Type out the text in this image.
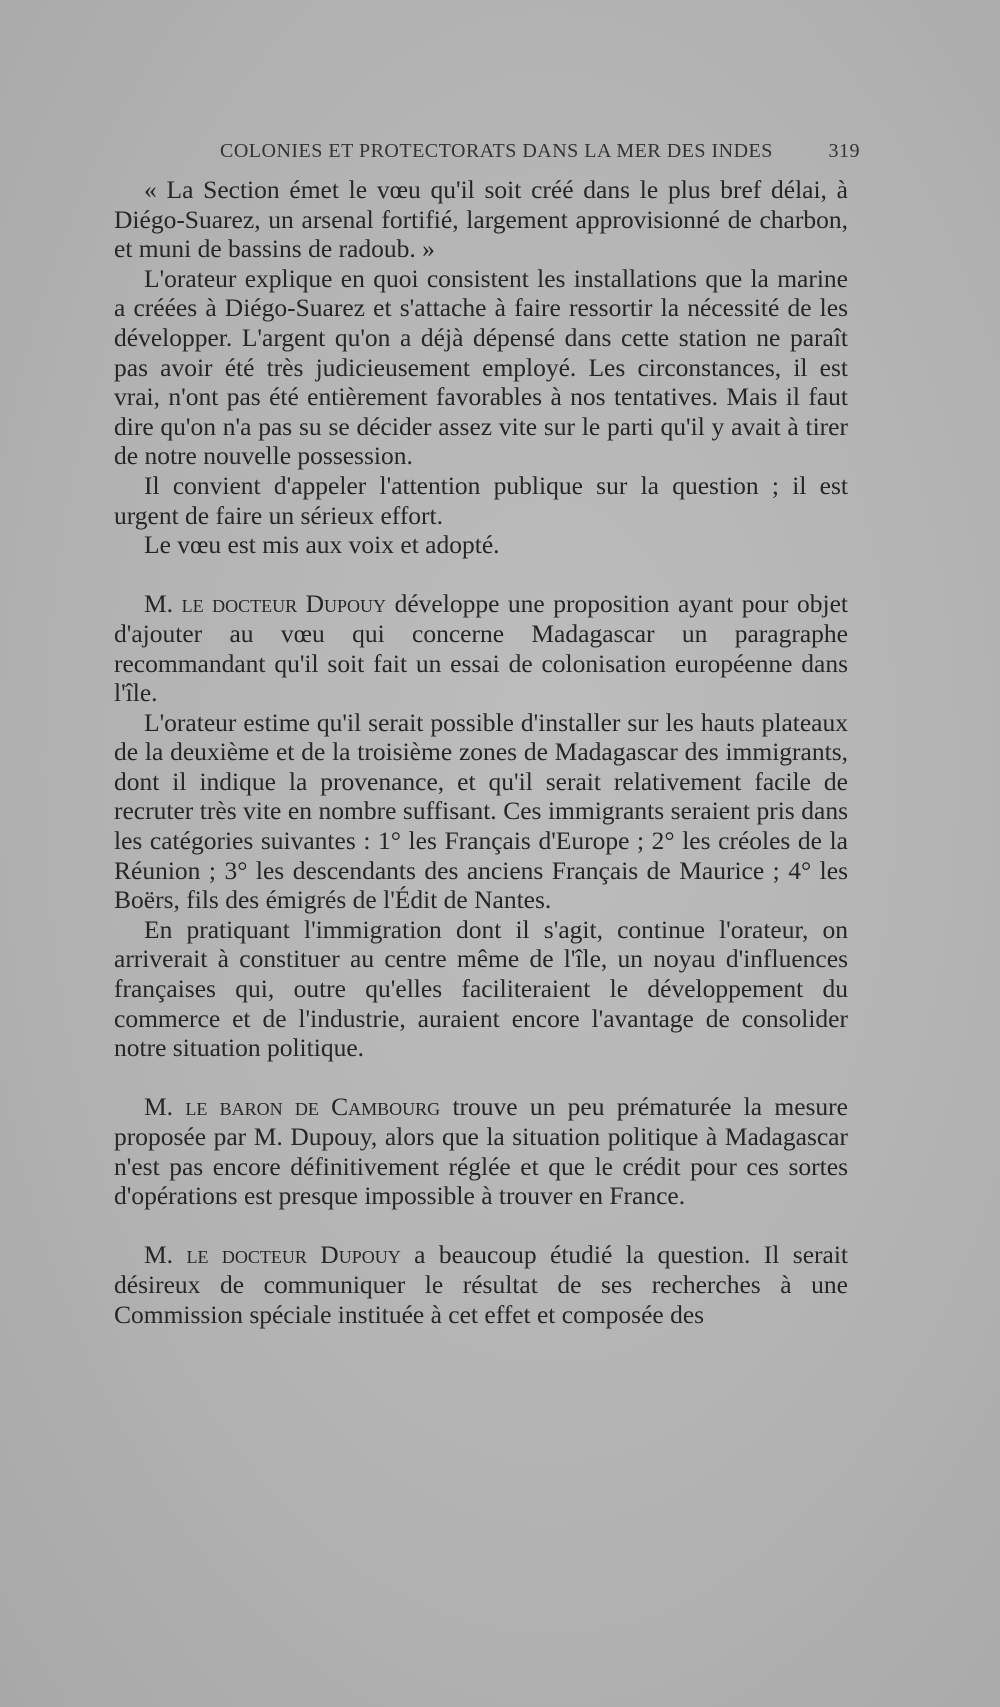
COLONIES ET PROTECTORATS DANS LA MER DES INDES	319

« La Section émet le vœu qu'il soit créé dans le plus bref délai, à Diégo-Suarez, un arsenal fortifié, largement approvisionné de charbon, et muni de bassins de radoub. »

L'orateur explique en quoi consistent les installations que la marine a créées à Diégo-Suarez et s'attache à faire ressortir la nécessité de les développer. L'argent qu'on a déjà dépensé dans cette station ne paraît pas avoir été très judicieusement employé. Les circonstances, il est vrai, n'ont pas été entièrement favorables à nos tentatives. Mais il faut dire qu'on n'a pas su se décider assez vite sur le parti qu'il y avait à tirer de notre nouvelle possession.

Il convient d'appeler l'attention publique sur la question ; il est urgent de faire un sérieux effort.

Le vœu est mis aux voix et adopté.

M. le docteur Dupouy développe une proposition ayant pour objet d'ajouter au vœu qui concerne Madagascar un paragraphe recommandant qu'il soit fait un essai de colonisation européenne dans l'île.

L'orateur estime qu'il serait possible d'installer sur les hauts plateaux de la deuxième et de la troisième zones de Madagascar des immigrants, dont il indique la provenance, et qu'il serait relativement facile de recruter très vite en nombre suffisant. Ces immigrants seraient pris dans les catégories suivantes : 1° les Français d'Europe ; 2° les créoles de la Réunion ; 3° les descendants des anciens Français de Maurice ; 4° les Boërs, fils des émigrés de l'Édit de Nantes.

En pratiquant l'immigration dont il s'agit, continue l'orateur, on arriverait à constituer au centre même de l'île, un noyau d'influences françaises qui, outre qu'elles faciliteraient le développement du commerce et de l'industrie, auraient encore l'avantage de consolider notre situation politique.

M. le baron de Cambourg trouve un peu prématurée la mesure proposée par M. Dupouy, alors que la situation politique à Madagascar n'est pas encore définitivement réglée et que le crédit pour ces sortes d'opérations est presque impossible à trouver en France.

M. le docteur Dupouy a beaucoup étudié la question. Il serait désireux de communiquer le résultat de ses recherches à une Commission spéciale instituée à cet effet et composée des
